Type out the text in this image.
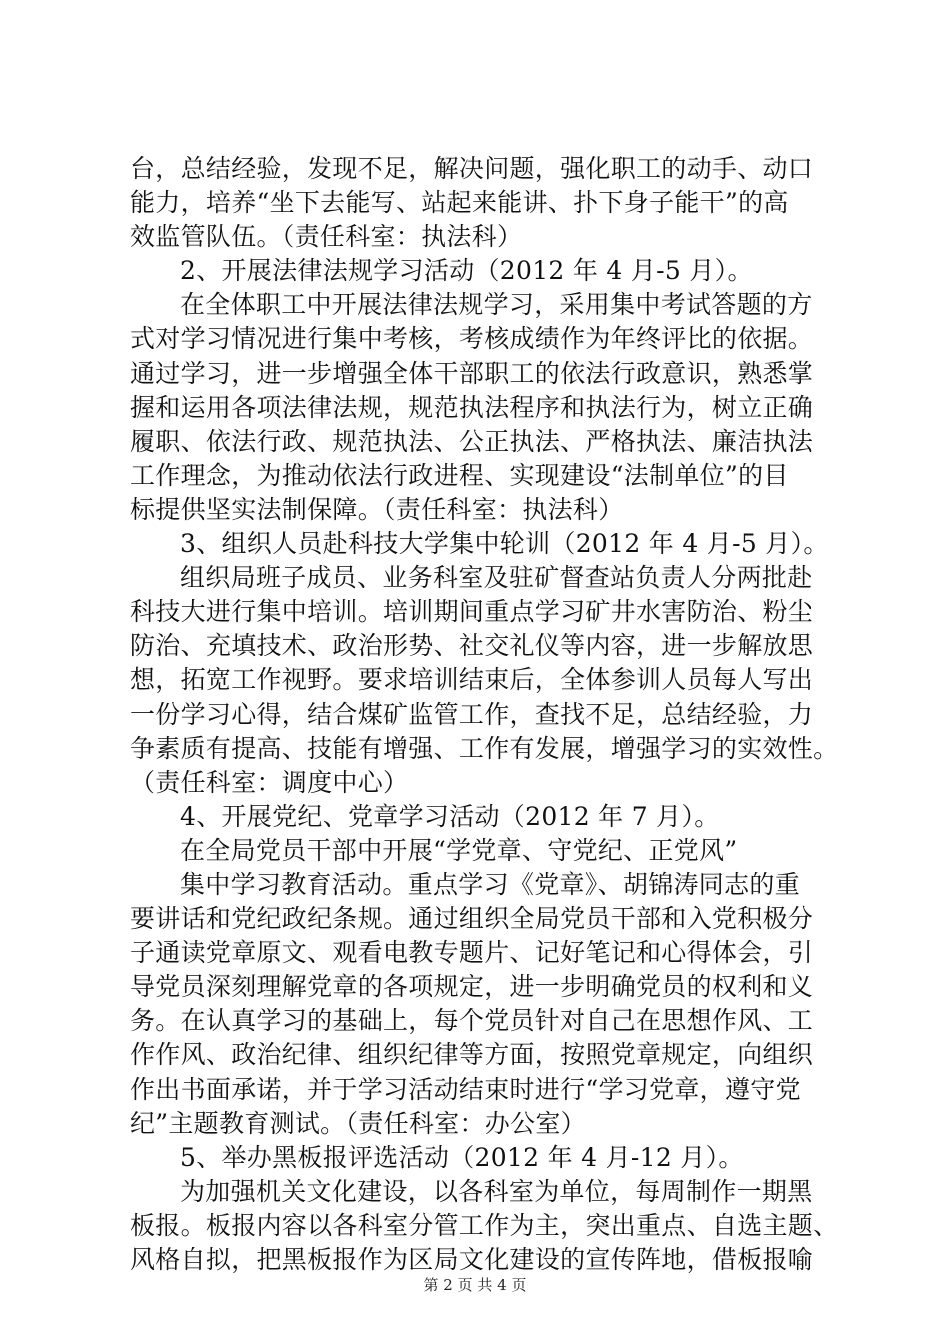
台，总结经验，发现不足，解决问题，强化职工的动手、动口
能力，培养“坐下去能写、站起来能讲、扑下身子能干”的高
效监管队伍。（责任科室：执法科）
2、开展法律法规学习活动（2012 年 4 月-5 月）。
在全体职工中开展法律法规学习，采用集中考试答题的方
式对学习情况进行集中考核，考核成绩作为年终评比的依据。
通过学习，进一步增强全体干部职工的依法行政意识，熟悉掌
握和运用各项法律法规，规范执法程序和执法行为，树立正确
履职、依法行政、规范执法、公正执法、严格执法、廉洁执法
工作理念，为推动依法行政进程、实现建设“法制单位”的目
标提供坚实法制保障。（责任科室：执法科）
3、组织人员赴科技大学集中轮训（2012 年 4 月-5 月）。
组织局班子成员、业务科室及驻矿督查站负责人分两批赴
科技大进行集中培训。培训期间重点学习矿井水害防治、粉尘
防治、充填技术、政治形势、社交礼仪等内容，进一步解放思
想，拓宽工作视野。要求培训结束后，全体参训人员每人写出
一份学习心得，结合煤矿监管工作，查找不足，总结经验，力
争素质有提高、技能有增强、工作有发展，增强学习的实效性。
（责任科室：调度中心）
4、开展党纪、党章学习活动（2012 年 7 月）。
在全局党员干部中开展“学党章、守党纪、正党风”
集中学习教育活动。重点学习《党章》、胡锦涛同志的重
要讲话和党纪政纪条规。通过组织全局党员干部和入党积极分
子通读党章原文、观看电教专题片、记好笔记和心得体会，引
导党员深刻理解党章的各项规定，进一步明确党员的权利和义
务。在认真学习的基础上，每个党员针对自己在思想作风、工
作作风、政治纪律、组织纪律等方面，按照党章规定，向组织
作出书面承诺，并于学习活动结束时进行“学习党章，遵守党
纪”主题教育测试。（责任科室：办公室）
5、举办黑板报评选活动（2012 年 4 月-12 月）。
为加强机关文化建设，以各科室为单位，每周制作一期黑
板报。板报内容以各科室分管工作为主，突出重点、自选主题、
风格自拟，把黑板报作为区局文化建设的宣传阵地，借板报喻
第 2 页 共 4 页
